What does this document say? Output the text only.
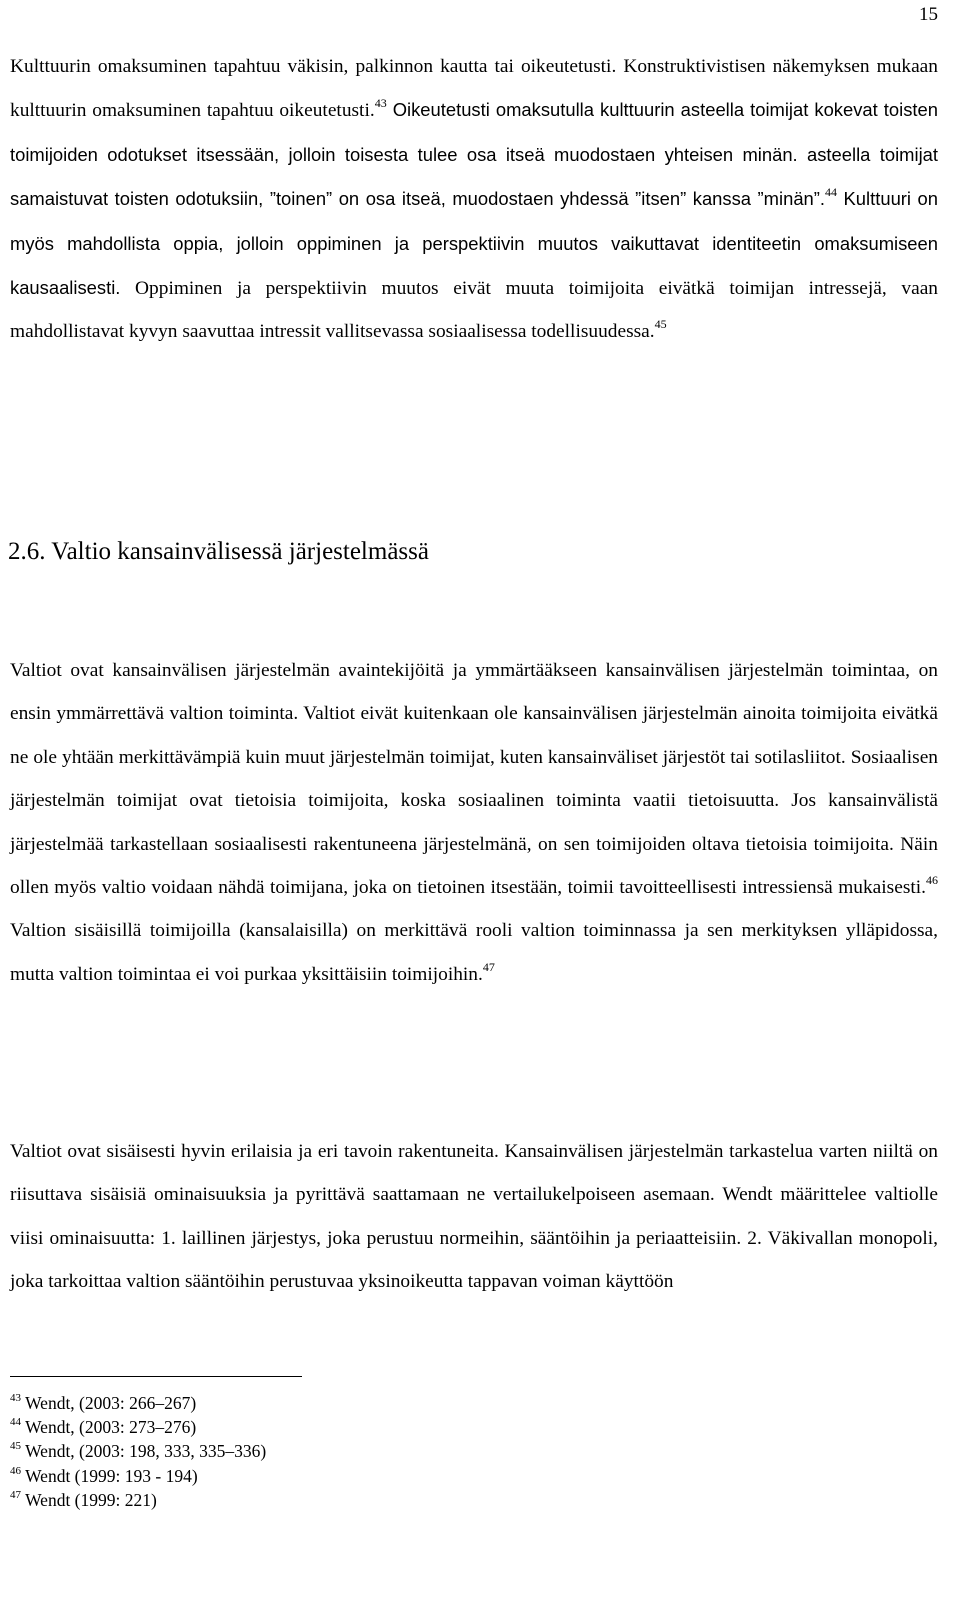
15

Kulttuurin omaksuminen tapahtuu väkisin, palkinnon kautta tai oikeutetusti. Konstruktivistisen näkemyksen mukaan kulttuurin omaksuminen tapahtuu oikeutetusti.$^{43}$ Oikeutetusti omaksutulla kulttuurin asteella toimijat kokevat toisten toimijoiden odotukset itsessään, jolloin toisesta tulee osa itseä muodostaen yhteisen minän. asteella toimijat samaistuvat toisten odotuksiin, ”toinen” on osa itseä, muodostaen yhdessä ”itsen” kanssa ”minän”.$^{44}$ Kulttuuri on myös mahdollista oppia, jolloin oppiminen ja perspektiivin muutos vaikuttavat identiteetin omaksumiseen kausaalisesti. Oppiminen ja perspektiivin muutos eivät muuta toimijoita eivätkä toimijan intressejä, vaan mahdollistavat kyvyn saavuttaa intressit vallitsevassa sosiaalisessa todellisuudessa.$^{45}$

2.6. Valtio kansainvälisessä järjestelmässä

Valtiot ovat kansainvälisen järjestelmän avaintekijöitä ja ymmärtääkseen kansainvälisen järjestelmän toimintaa, on ensin ymmärrettävä valtion toiminta. Valtiot eivät kuitenkaan ole kansainvälisen järjestelmän ainoita toimijoita eivätkä ne ole yhtään merkittävämpiä kuin muut järjestelmän toimijat, kuten kansainväliset järjestöt tai sotilasliitot. Sosiaalisen järjestelmän toimijat ovat tietoisia toimijoita, koska sosiaalinen toiminta vaatii tietoisuutta. Jos kansainvälistä järjestelmää tarkastellaan sosiaalisesti rakentuneena järjestelmänä, on sen toimijoiden oltava tietoisia toimijoita. Näin ollen myös valtio voidaan nähdä toimijana, joka on tietoinen itsestään, toimii tavoitteellisesti intressiensä mukaisesti.$^{46}$ Valtion sisäisillä toimijoilla (kansalaisilla) on merkittävä rooli valtion toiminnassa ja sen merkityksen ylläpidossa, mutta valtion toimintaa ei voi purkaa yksittäisiin toimijoihin.$^{47}$

Valtiot ovat sisäisesti hyvin erilaisia ja eri tavoin rakentuneita. Kansainvälisen järjestelmän tarkastelua varten niiltä on riisuttava sisäisiä ominaisuuksia ja pyrittävä saattamaan ne vertailukelpoiseen asemaan. Wendt määrittelee valtiolle viisi ominaisuutta: 1. laillinen järjestys, joka perustuu normeihin, sääntöihin ja periaatteisiin. 2. Väkivallan monopoli, joka tarkoittaa valtion sääntöihin perustuvaa yksinoikeutta tappavan voiman käyttöön

$^{43}$ Wendt, (2003: 266–267)
$^{44}$ Wendt, (2003: 273–276)
$^{45}$ Wendt, (2003: 198, 333, 335–336)
$^{46}$ Wendt (1999: 193 - 194)
$^{47}$ Wendt (1999: 221)
